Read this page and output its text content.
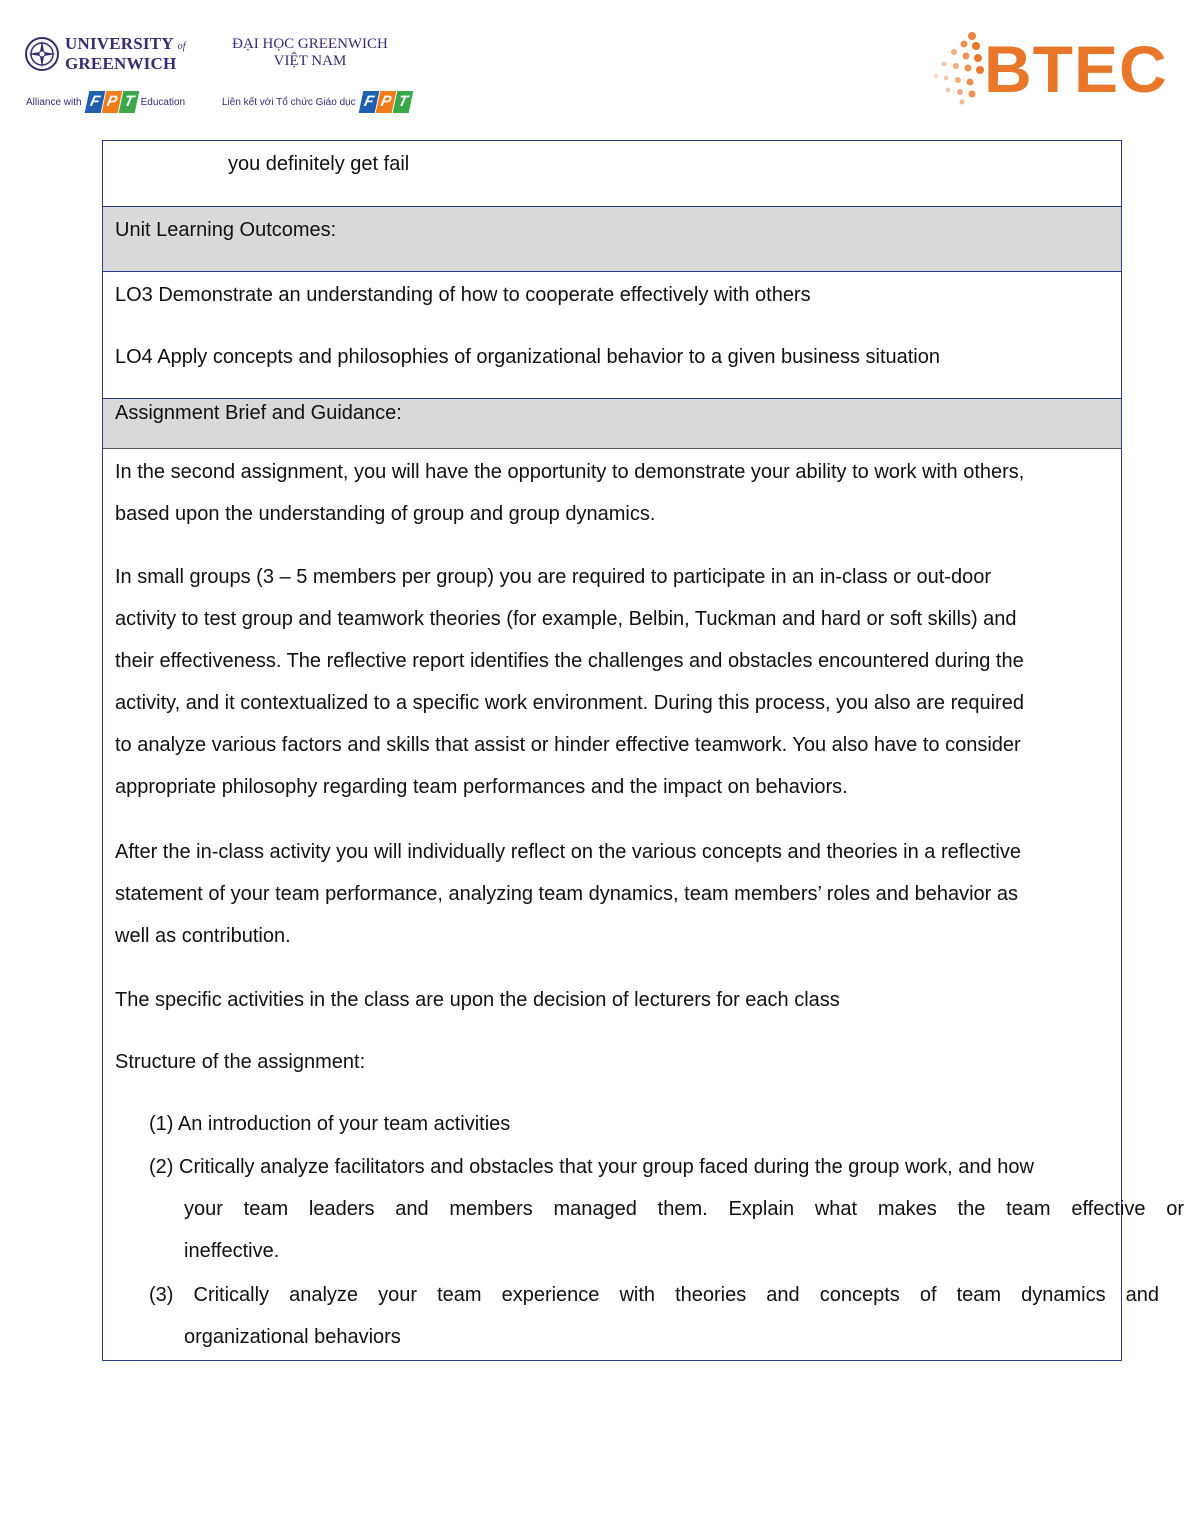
UNIVERSITY of
GREENWICH
ĐẠI HỌC GREENWICH
VIỆT NAM
Alliance with F P T Education	Liên kết với Tổ chức Giáo dục F P T	BTEC
you definitely get fail
Unit Learning Outcomes:
LO3 Demonstrate an understanding of how to cooperate effectively with others
LO4 Apply concepts and philosophies of organizational behavior to a given business situation
Assignment Brief and Guidance:
In the second assignment, you will have the opportunity to demonstrate your ability to work with others,
based upon the understanding of group and group dynamics.
In small groups (3 – 5 members per group) you are required to participate in an in-class or out-door
activity to test group and teamwork theories (for example, Belbin, Tuckman and hard or soft skills) and
their effectiveness. The reflective report identifies the challenges and obstacles encountered during the
activity, and it contextualized to a specific work environment. During this process, you also are required
to analyze various factors and skills that assist or hinder effective teamwork. You also have to consider
appropriate philosophy regarding team performances and the impact on behaviors.
After the in-class activity you will individually reflect on the various concepts and theories in a reflective
statement of your team performance, analyzing team dynamics, team members’ roles and behavior as
well as contribution.
The specific activities in the class are upon the decision of lecturers for each class
Structure of the assignment:
(1) An introduction of your team activities
(2) Critically analyze facilitators and obstacles that your group faced during the group work, and how
your team leaders and members managed them. Explain what makes the team effective or
ineffective.
(3) Critically analyze your team experience with theories and concepts of team dynamics and
organizational behaviors
